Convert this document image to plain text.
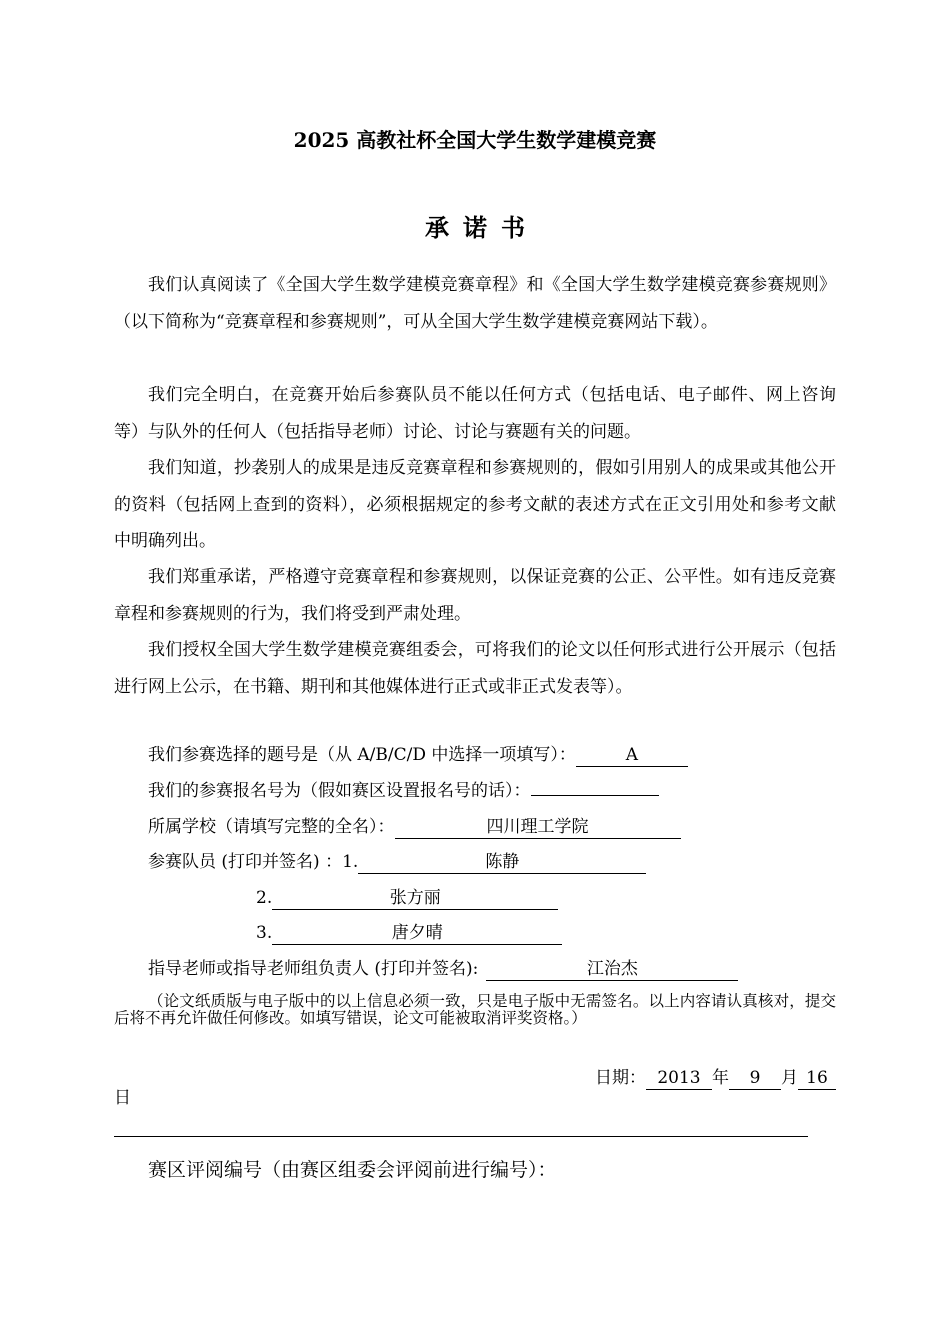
2025 高教社杯全国大学生数学建模竞赛
承诺书
我们认真阅读了《全国大学生数学建模竞赛章程》和《全国大学生数学建模竞赛参赛规则》（以下简称为“竞赛章程和参赛规则”，可从全国大学生数学建模竞赛网站下载）。
我们完全明白，在竞赛开始后参赛队员不能以任何方式（包括电话、电子邮件、网上咨询等）与队外的任何人（包括指导老师）讨论、讨论与赛题有关的问题。
我们知道，抄袭别人的成果是违反竞赛章程和参赛规则的，假如引用别人的成果或其他公开的资料（包括网上查到的资料），必须根据规定的参考文献的表述方式在正文引用处和参考文献中明确列出。
我们郑重承诺，严格遵守竞赛章程和参赛规则，以保证竞赛的公正、公平性。如有违反竞赛章程和参赛规则的行为，我们将受到严肃处理。
我们授权全国大学生数学建模竞赛组委会，可将我们的论文以任何形式进行公开展示（包括进行网上公示，在书籍、期刊和其他媒体进行正式或非正式发表等）。
我们参赛选择的题号是（从 A/B/C/D 中选择一项填写）：	A
我们的参赛报名号为（假如赛区设置报名号的话）：
所属学校（请填写完整的全名）：	四川理工学院
参赛队员 (打印并签名) ：1.	陈静
2.	张方丽
3.	唐夕晴
指导老师或指导老师组负责人 (打印并签名):	江治杰
（论文纸质版与电子版中的以上信息必须一致，只是电子版中无需签名。以上内容请认真核对，提交后将不再允许做任何修改。如填写错误，论文可能被取消评奖资格。）
日期： 2013 年 9 月 16
日
赛区评阅编号（由赛区组委会评阅前进行编号）：
